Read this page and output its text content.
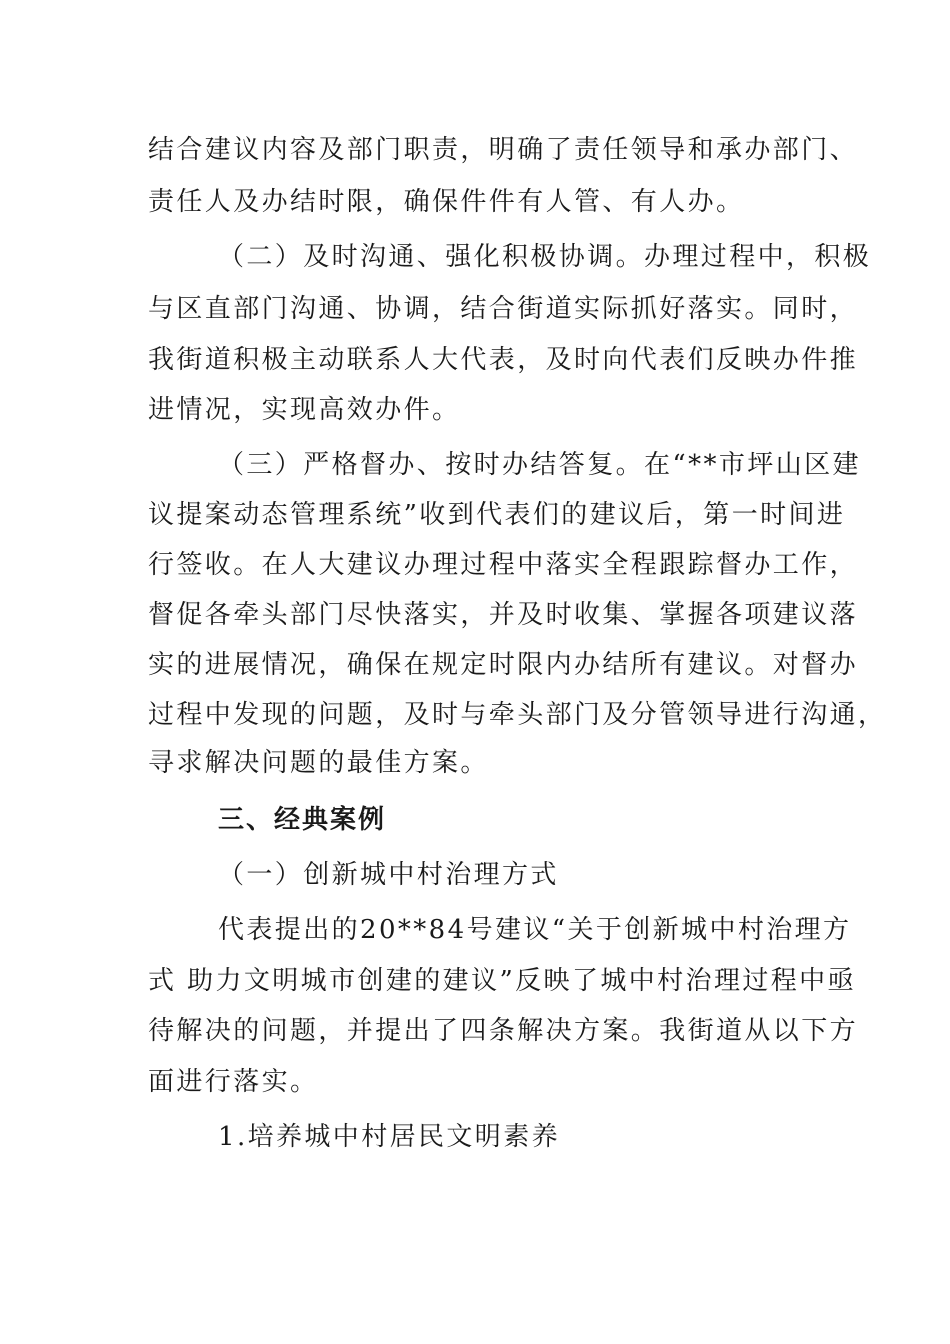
结合建议内容及部门职责，明确了责任领导和承办部门、
责任人及办结时限，确保件件有人管、有人办。
（二）及时沟通、强化积极协调。办理过程中，积极
与区直部门沟通、协调，结合街道实际抓好落实。同时，
我街道积极主动联系人大代表，及时向代表们反映办件推
进情况，实现高效办件。
（三）严格督办、按时办结答复。在“**市坪山区建
议提案动态管理系统”收到代表们的建议后，第一时间进
行签收。在人大建议办理过程中落实全程跟踪督办工作，
督促各牵头部门尽快落实，并及时收集、掌握各项建议落
实的进展情况，确保在规定时限内办结所有建议。对督办
过程中发现的问题，及时与牵头部门及分管领导进行沟通，
寻求解决问题的最佳方案。
三、经典案例
（一）创新城中村治理方式
代表提出的20**84号建议“关于创新城中村治理方
式 助力文明城市创建的建议”反映了城中村治理过程中亟
待解决的问题，并提出了四条解决方案。我街道从以下方
面进行落实。
1.培养城中村居民文明素养
